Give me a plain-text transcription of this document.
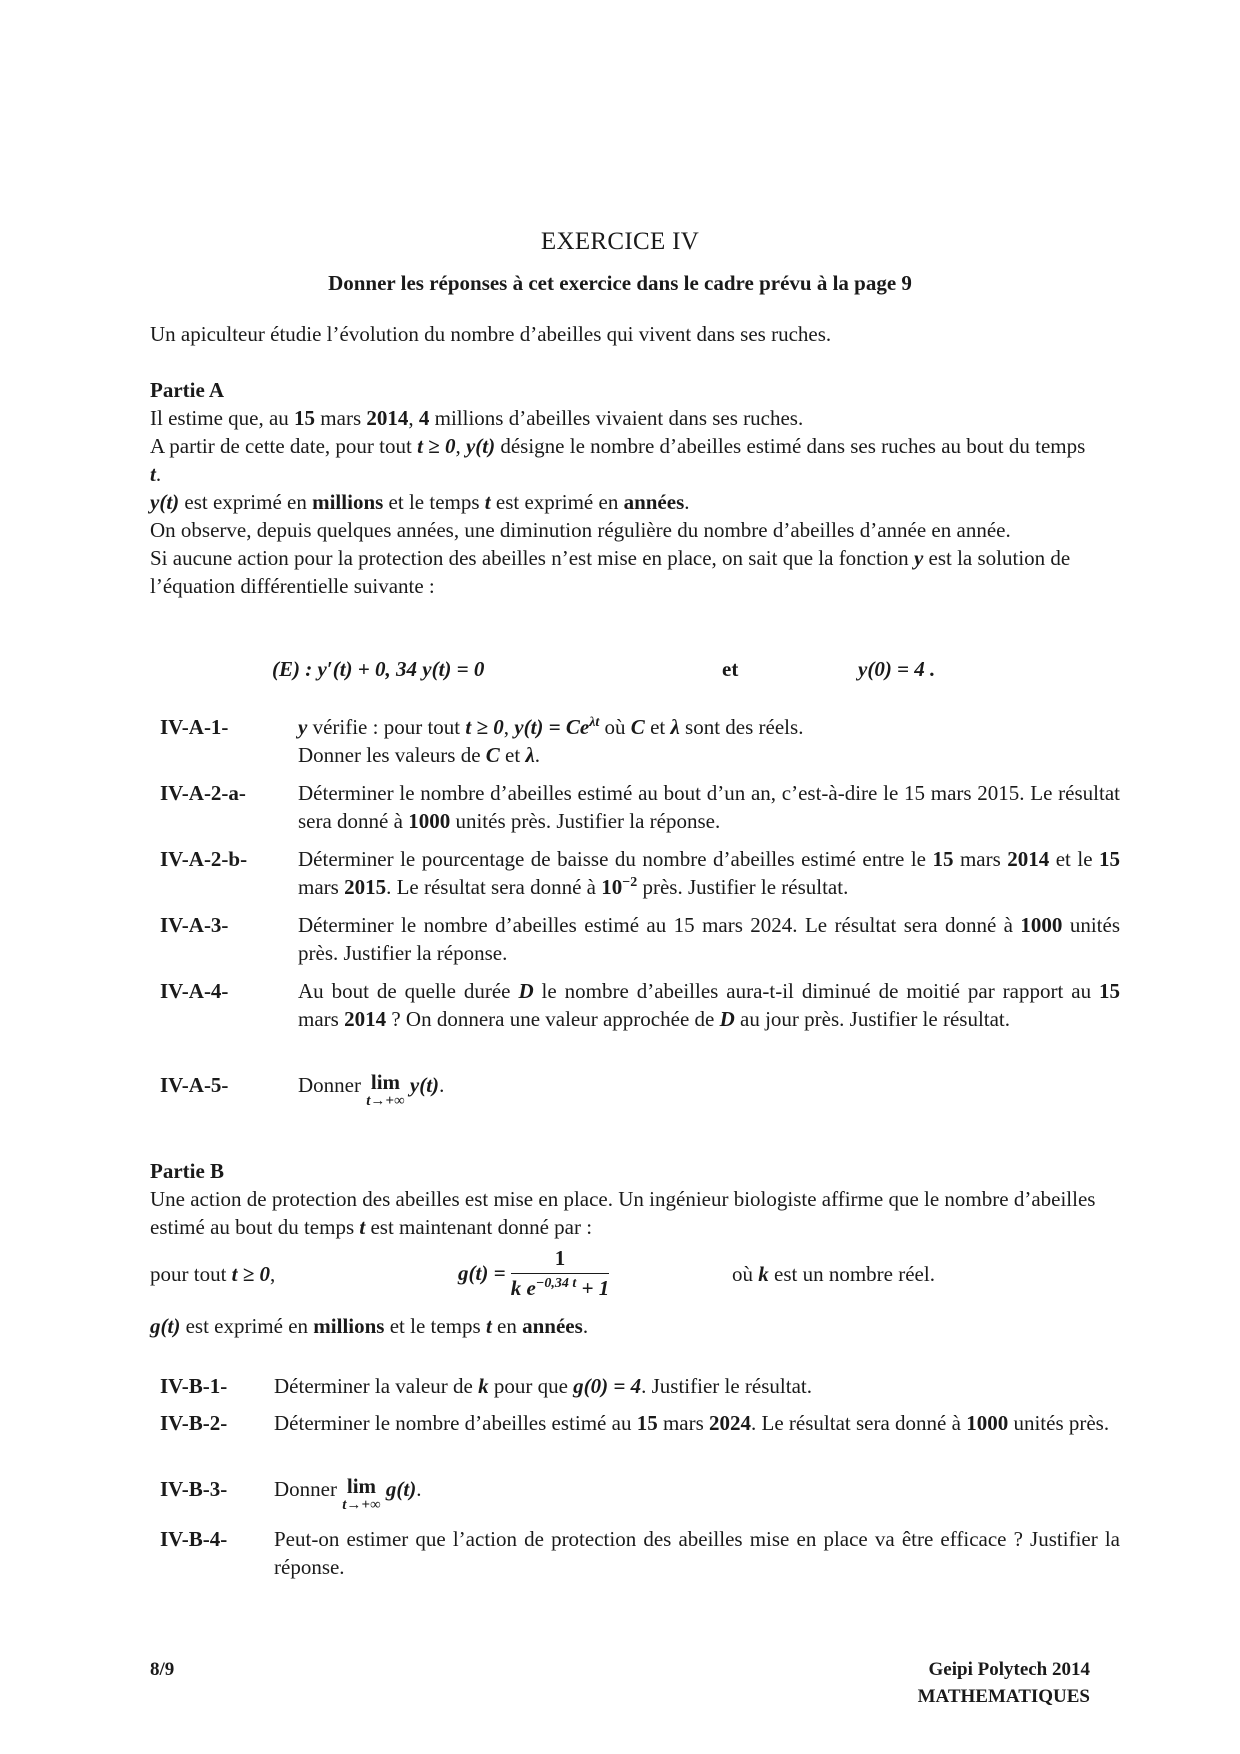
EXERCICE IV
Donner les réponses à cet exercice dans le cadre prévu à la page 9
Un apiculteur étudie l’évolution du nombre d’abeilles qui vivent dans ses ruches.
Partie A
Il estime que, au 15 mars 2014, 4 millions d’abeilles vivaient dans ses ruches.
A partir de cette date, pour tout t ≥ 0, y(t) désigne le nombre d’abeilles estimé dans ses ruches au bout du temps t.
y(t) est exprimé en millions et le temps t est exprimé en années.
On observe, depuis quelques années, une diminution régulière du nombre d’abeilles d’année en année.
Si aucune action pour la protection des abeilles n’est mise en place, on sait que la fonction y est la solution de l’équation différentielle suivante :
(E) : y′(t) + 0, 34 y(t) = 0	et	y(0) = 4 .
IV-A-1-	y vérifie : pour tout t ≥ 0, $y(t) = Ce^{\lambda t}$ où C et λ sont des réels.
Donner les valeurs de C et λ.
IV-A-2-a- Déterminer le nombre d’abeilles estimé au bout d’un an, c’est-à-dire le 15 mars 2015. Le résultat sera donné à 1000 unités près. Justifier la réponse.
IV-A-2-b- Déterminer le pourcentage de baisse du nombre d’abeilles estimé entre le 15 mars 2014 et le 15 mars 2015. Le résultat sera donné à $10^{-2}$ près. Justifier le résultat.
IV-A-3-	Déterminer le nombre d’abeilles estimé au 15 mars 2024. Le résultat sera donné à 1000 unités près. Justifier la réponse.
IV-A-4-	Au bout de quelle durée D le nombre d’abeilles aura-t-il diminué de moitié par rapport au 15 mars 2014 ? On donnera une valeur approchée de D au jour près. Justifier le résultat.
IV-A-5-	Donner lim
t→+∞
y(t).
Partie B
Une action de protection des abeilles est mise en place. Un ingénieur biologiste affirme que le nombre d’abeilles estimé au bout du temps t est maintenant donné par :
pour tout t ≥ 0,	$g(t) = \frac{1}{k e^{-0,34 t} + 1}$	où k est un nombre réel.
g(t) est exprimé en millions et le temps t en années.
IV-B-1- Déterminer la valeur de k pour que g(0) = 4. Justifier le résultat.
IV-B-2- Déterminer le nombre d’abeilles estimé au 15 mars 2024. Le résultat sera donné à 1000 unités près.
IV-B-3- Donner lim
t→+∞
g(t).
IV-B-4- Peut-on estimer que l’action de protection des abeilles mise en place va être efficace ? Justifier la réponse.
8/9	Geipi Polytech 2014
MATHEMATIQUES
